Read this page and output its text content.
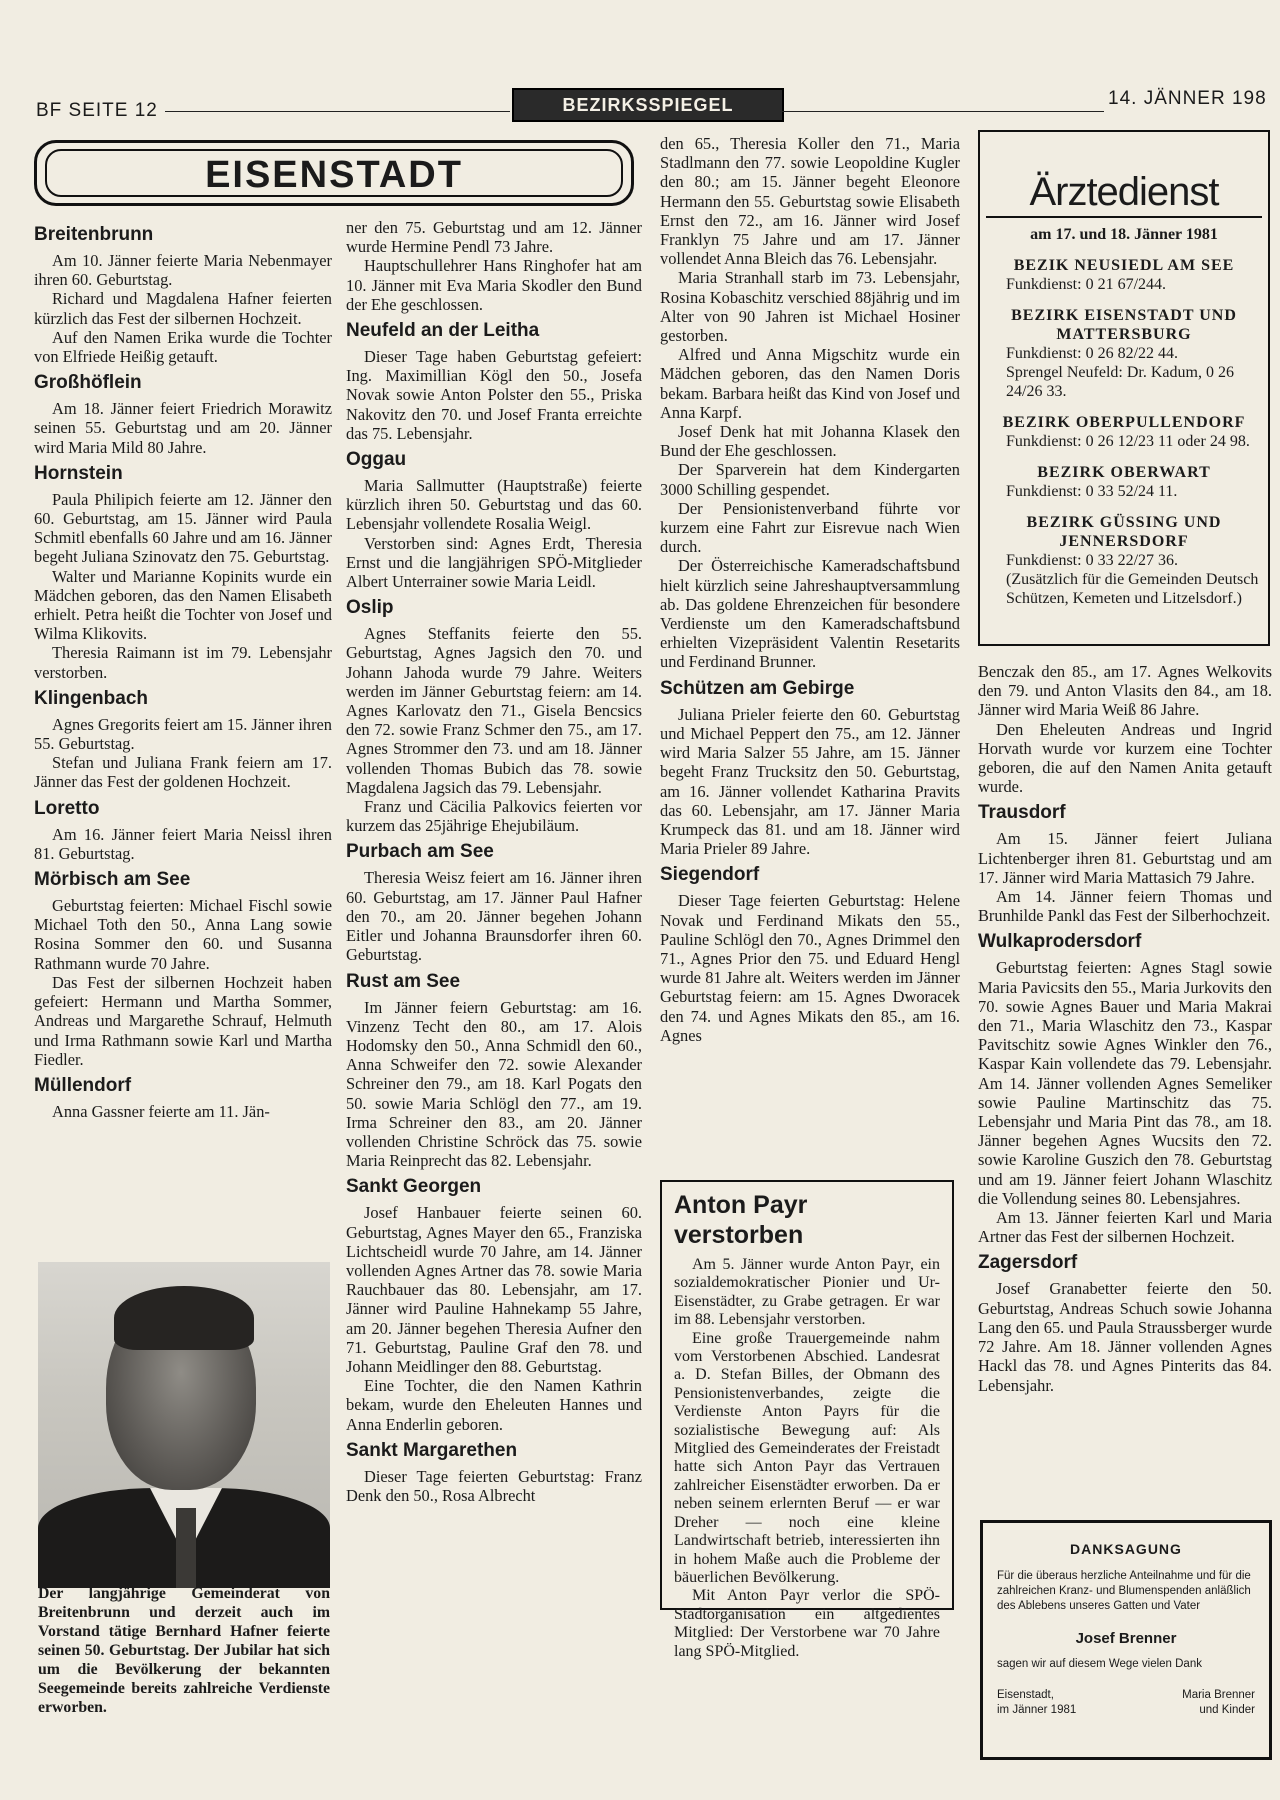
BF SEITE 12	BEZIRKSSPIEGEL	14. JÄNNER 198
EISENSTADT
Breitenbrunn

Am 10. Jänner feierte Maria Nebenmayer ihren 60. Geburtstag.

Richard und Magdalena Hafner feierten kürzlich das Fest der silbernen Hochzeit.

Auf den Namen Erika wurde die Tochter von Elfriede Heißig getauft.

Großhöflein

Am 18. Jänner feiert Friedrich Morawitz seinen 55. Geburtstag und am 20. Jänner wird Maria Mild 80 Jahre.

Hornstein

Paula Philipich feierte am 12. Jänner den 60. Geburtstag, am 15. Jänner wird Paula Schmitl ebenfalls 60 Jahre und am 16. Jänner begeht Juliana Szinovatz den 75. Geburtstag.

Walter und Marianne Kopinits wurde ein Mädchen geboren, das den Namen Elisabeth erhielt. Petra heißt die Tochter von Josef und Wilma Klikovits.

Theresia Raimann ist im 79. Lebensjahr verstorben.

Klingenbach

Agnes Gregorits feiert am 15. Jänner ihren 55. Geburtstag.

Stefan und Juliana Frank feiern am 17. Jänner das Fest der goldenen Hochzeit.

Loretto

Am 16. Jänner feiert Maria Neissl ihren 81. Geburtstag.

Mörbisch am See

Geburtstag feierten: Michael Fischl sowie Michael Toth den 50., Anna Lang sowie Rosina Sommer den 60. und Susanna Rathmann wurde 70 Jahre.

Das Fest der silbernen Hochzeit haben gefeiert: Hermann und Martha Sommer, Andreas und Margarethe Schrauf, Helmuth und Irma Rathmann sowie Karl und Martha Fiedler.

Müllendorf

Anna Gassner feierte am 11. Jän-

Der langjährige Gemeinderat von Breitenbrunn und derzeit auch im Vorstand tätige Bernhard Hafner feierte seinen 50. Geburtstag. Der Jubilar hat sich um die Bevölkerung der bekannten Seegemeinde bereits zahlreiche Verdienste erworben.

ner den 75. Geburtstag und am 12. Jänner wurde Hermine Pendl 73 Jahre.

Hauptschullehrer Hans Ringhofer hat am 10. Jänner mit Eva Maria Skodler den Bund der Ehe geschlossen.

Neufeld an der Leitha

Dieser Tage haben Geburtstag gefeiert: Ing. Maximillian Kögl den 50., Josefa Novak sowie Anton Polster den 55., Priska Nakovitz den 70. und Josef Franta erreichte das 75. Lebensjahr.

Oggau

Maria Sallmutter (Hauptstraße) feierte kürzlich ihren 50. Geburtstag und das 60. Lebensjahr vollendete Rosalia Weigl.

Verstorben sind: Agnes Erdt, Theresia Ernst und die langjährigen SPÖ-Mitglieder Albert Unterrainer sowie Maria Leidl.

Oslip

Agnes Steffanits feierte den 55. Geburtstag, Agnes Jagsich den 70. und Johann Jahoda wurde 79 Jahre. Weiters werden im Jänner Geburtstag feiern: am 14. Agnes Karlovatz den 71., Gisela Bencsics den 72. sowie Franz Schmer den 75., am 17. Agnes Strommer den 73. und am 18. Jänner vollenden Thomas Bubich das 78. sowie Magdalena Jagsich das 79. Lebensjahr.

Franz und Cäcilia Palkovics feierten vor kurzem das 25jährige Ehejubiläum.

Purbach am See

Theresia Weisz feiert am 16. Jänner ihren 60. Geburtstag, am 17. Jänner Paul Hafner den 70., am 20. Jänner begehen Johann Eitler und Johanna Braunsdorfer ihren 60. Geburtstag.

Rust am See

Im Jänner feiern Geburtstag: am 16. Vinzenz Techt den 80., am 17. Alois Hodomsky den 50., Anna Schmidl den 60., Anna Schweifer den 72. sowie Alexander Schreiner den 79., am 18. Karl Pogats den 50. sowie Maria Schlögl den 77., am 19. Irma Schreiner den 83., am 20. Jänner vollenden Christine Schröck das 75. sowie Maria Reinprecht das 82. Lebensjahr.

Sankt Georgen

Josef Hanbauer feierte seinen 60. Geburtstag, Agnes Mayer den 65., Franziska Lichtscheidl wurde 70 Jahre, am 14. Jänner vollenden Agnes Artner das 78. sowie Maria Rauchbauer das 80. Lebensjahr, am 17. Jänner wird Pauline Hahnekamp 55 Jahre, am 20. Jänner begehen Theresia Aufner den 71. Geburtstag, Pauline Graf den 78. und Johann Meidlinger den 88. Geburtstag.

Eine Tochter, die den Namen Kathrin bekam, wurde den Eheleuten Hannes und Anna Enderlin geboren.

Sankt Margarethen

Dieser Tage feierten Geburtstag: Franz Denk den 50., Rosa Albrecht

den 65., Theresia Koller den 71., Maria Stadlmann den 77. sowie Leopoldine Kugler den 80.; am 15. Jänner begeht Eleonore Hermann den 55. Geburtstag sowie Elisabeth Ernst den 72., am 16. Jänner wird Josef Franklyn 75 Jahre und am 17. Jänner vollendet Anna Bleich das 76. Lebensjahr.

Maria Stranhall starb im 73. Lebensjahr, Rosina Kobaschitz verschied 88jährig und im Alter von 90 Jahren ist Michael Hosiner gestorben.

Alfred und Anna Migschitz wurde ein Mädchen geboren, das den Namen Doris bekam. Barbara heißt das Kind von Josef und Anna Karpf.

Josef Denk hat mit Johanna Klasek den Bund der Ehe geschlossen.

Der Sparverein hat dem Kindergarten 3000 Schilling gespendet.

Der Pensionistenverband führte vor kurzem eine Fahrt zur Eisrevue nach Wien durch.

Der Österreichische Kameradschaftsbund hielt kürzlich seine Jahreshauptversammlung ab. Das goldene Ehrenzeichen für besondere Verdienste um den Kameradschaftsbund erhielten Vizepräsident Valentin Resetarits und Ferdinand Brunner.

Schützen am Gebirge

Juliana Prieler feierte den 60. Geburtstag und Michael Peppert den 75., am 12. Jänner wird Maria Salzer 55 Jahre, am 15. Jänner begeht Franz Trucksitz den 50. Geburtstag, am 16. Jänner vollendet Katharina Pravits das 60. Lebensjahr, am 17. Jänner Maria Krumpeck das 81. und am 18. Jänner wird Maria Prieler 89 Jahre.

Siegendorf

Dieser Tage feierten Geburtstag: Helene Novak und Ferdinand Mikats den 55., Pauline Schlögl den 70., Agnes Drimmel den 71., Agnes Prior den 75. und Eduard Hengl wurde 81 Jahre alt. Weiters werden im Jänner Geburtstag feiern: am 15. Agnes Dworacek den 74. und Agnes Mikats den 85., am 16. Agnes

Anton Payr
verstorben

Am 5. Jänner wurde Anton Payr, ein sozialdemokratischer Pionier und Ur-Eisenstädter, zu Grabe getragen. Er war im 88. Lebensjahr verstorben.

Eine große Trauergemeinde nahm vom Verstorbenen Abschied. Landesrat a. D. Stefan Billes, der Obmann des Pensionistenverbandes, zeigte die Verdienste Anton Payrs für die sozialistische Bewegung auf: Als Mitglied des Gemeinderates der Freistadt hatte sich Anton Payr das Vertrauen zahlreicher Eisenstädter erworben. Da er neben seinem erlernten Beruf — er war Dreher — noch eine kleine Landwirtschaft betrieb, interessierten ihn in hohem Maße auch die Probleme der bäuerlichen Bevölkerung.

Mit Anton Payr verlor die SPÖ-Stadtorganisation ein altgedientes Mitglied: Der Verstorbene war 70 Jahre lang SPÖ-Mitglied.

Ärztedienst
am 17. und 18. Jänner 1981
BEZIK NEUSIEDL AM SEE
Funkdienst: 0 21 67/244.
BEZIRK EISENSTADT UND MATTERSBURG
Funkdienst: 0 26 82/22 44.
Sprengel Neufeld: Dr. Kadum, 0 26 24/26 33.
BEZIRK OBERPULLENDORF
Funkdienst: 0 26 12/23 11 oder 24 98.
BEZIRK OBERWART
Funkdienst: 0 33 52/24 11.
BEZIRK GÜSSING UND JENNERSDORF
Funkdienst: 0 33 22/27 36.
(Zusätzlich für die Gemeinden Deutsch Schützen, Kemeten und Litzelsdorf.)

Benczak den 85., am 17. Agnes Welkovits den 79. und Anton Vlasits den 84., am 18. Jänner wird Maria Weiß 86 Jahre.

Den Eheleuten Andreas und Ingrid Horvath wurde vor kurzem eine Tochter geboren, die auf den Namen Anita getauft wurde.

Trausdorf

Am 15. Jänner feiert Juliana Lichtenberger ihren 81. Geburtstag und am 17. Jänner wird Maria Mattasich 79 Jahre.

Am 14. Jänner feiern Thomas und Brunhilde Pankl das Fest der Silberhochzeit.

Wulkaprodersdorf

Geburtstag feierten: Agnes Stagl sowie Maria Pavicsits den 55., Maria Jurkovits den 70. sowie Agnes Bauer und Maria Makrai den 71., Maria Wlaschitz den 73., Kaspar Pavitschitz sowie Agnes Winkler den 76., Kaspar Kain vollendete das 79. Lebensjahr. Am 14. Jänner vollenden Agnes Semeliker sowie Pauline Martinschitz das 75. Lebensjahr und Maria Pint das 78., am 18. Jänner begehen Agnes Wucsits den 72. sowie Karoline Guszich den 78. Geburtstag und am 19. Jänner feiert Johann Wlaschitz die Vollendung seines 80. Lebensjahres.

Am 13. Jänner feierten Karl und Maria Artner das Fest der silbernen Hochzeit.

Zagersdorf

Josef Granabetter feierte den 50. Geburtstag, Andreas Schuch sowie Johanna Lang den 65. und Paula Straussberger wurde 72 Jahre. Am 18. Jänner vollenden Agnes Hackl das 78. und Agnes Pinterits das 84. Lebensjahr.

DANKSAGUNG
Für die überaus herzliche Anteilnahme und für die zahlreichen Kranz- und Blumenspenden anläßlich des Ablebens unseres Gatten und Vater
Josef Brenner
sagen wir auf diesem Wege vielen Dank
Eisenstadt,
im Jänner 1981
Maria Brenner
und Kinder
